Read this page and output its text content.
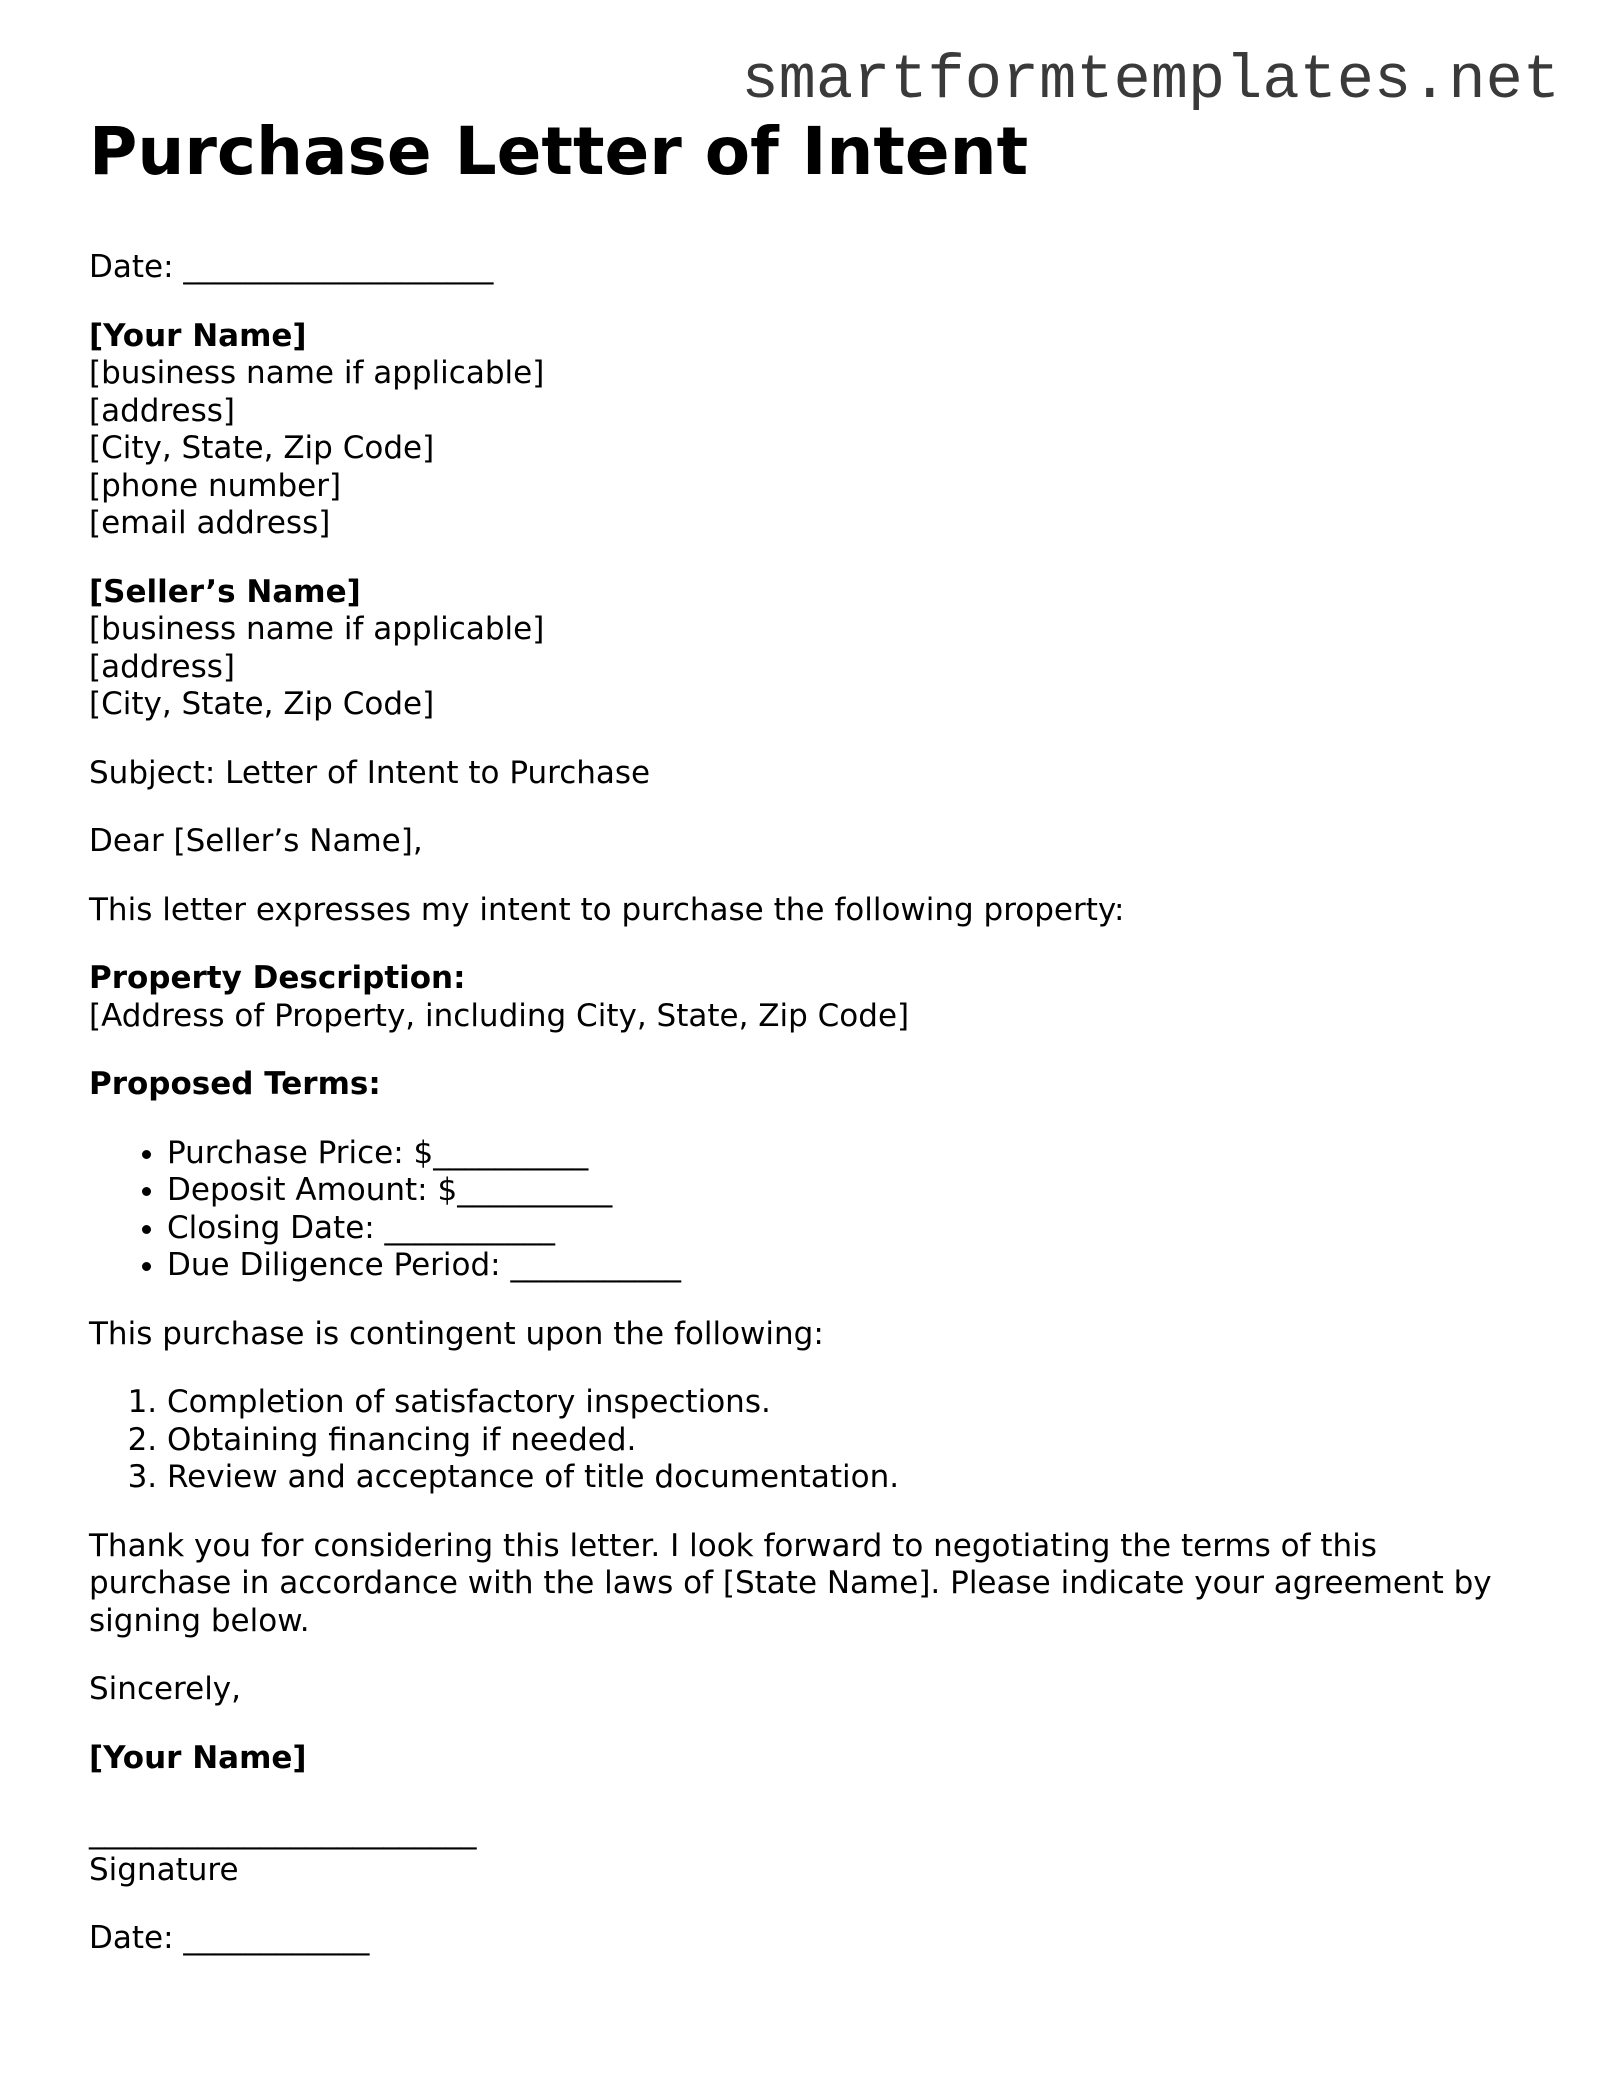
smartformtemplates.net
Purchase Letter of Intent

Date: ____________________

[Your Name]
[business name if applicable]
[address]
[City, State, Zip Code]
[phone number]
[email address]
[Seller’s Name]
[business name if applicable]
[address]
[City, State, Zip Code]

Subject: Letter of Intent to Purchase

Dear [Seller’s Name],

This letter expresses my intent to purchase the following property:

Property Description:
[Address of Property, including City, State, Zip Code]

Proposed Terms:

• Purchase Price: $__________
• Deposit Amount: $__________
• Closing Date: ___________
• Due Diligence Period: ___________

This purchase is contingent upon the following:

1. Completion of satisfactory inspections.
2. Obtaining financing if needed.
3. Review and acceptance of title documentation.
Thank you for considering this letter. I look forward to negotiating the terms of this
purchase in accordance with the laws of [State Name]. Please indicate your agreement by
signing below.

Sincerely,

[Your Name]

_________________________
Signature

Date: ____________
